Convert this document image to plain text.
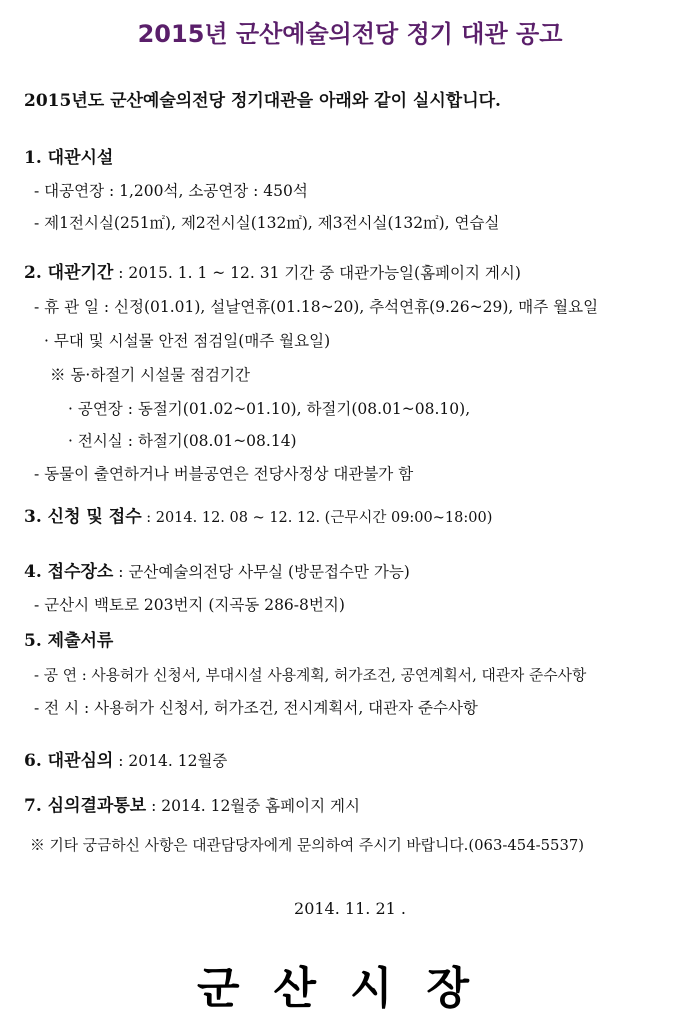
2015년 군산예술의전당 정기 대관 공고
2015년도 군산예술의전당 정기대관을 아래와 같이 실시합니다.
1. 대관시설
- 대공연장 : 1,200석, 소공연장 : 450석
- 제1전시실(251㎡), 제2전시실(132㎡), 제3전시실(132㎡), 연습실
2. 대관기간 : 2015. 1. 1 ~ 12. 31 기간 중 대관가능일(홈페이지 게시)
- 휴 관 일 : 신정(01.01), 설날연휴(01.18~20), 추석연휴(9.26~29), 매주 월요일
· 무대 및 시설물 안전 점검일(매주 월요일)
※ 동·하절기 시설물 점검기간
· 공연장 : 동절기(01.02~01.10), 하절기(08.01~08.10),
· 전시실 : 하절기(08.01~08.14)
- 동물이 출연하거나 버블공연은 전당사정상 대관불가 함
3. 신청 및 접수 : 2014. 12. 08 ~ 12. 12. (근무시간 09:00~18:00)
4. 접수장소 : 군산예술의전당 사무실 (방문접수만 가능)
- 군산시 백토로 203번지 (지곡동 286-8번지)
5. 제출서류
- 공 연 : 사용허가 신청서, 부대시설 사용계획, 허가조건, 공연계획서, 대관자 준수사항
- 전 시 : 사용허가 신청서, 허가조건, 전시계획서, 대관자 준수사항
6. 대관심의 : 2014. 12월중
7. 심의결과통보 : 2014. 12월중 홈페이지 게시
※ 기타 궁금하신 사항은 대관담당자에게 문의하여 주시기 바랍니다.(063-454-5537)
2014. 11. 21 .
군산시장
